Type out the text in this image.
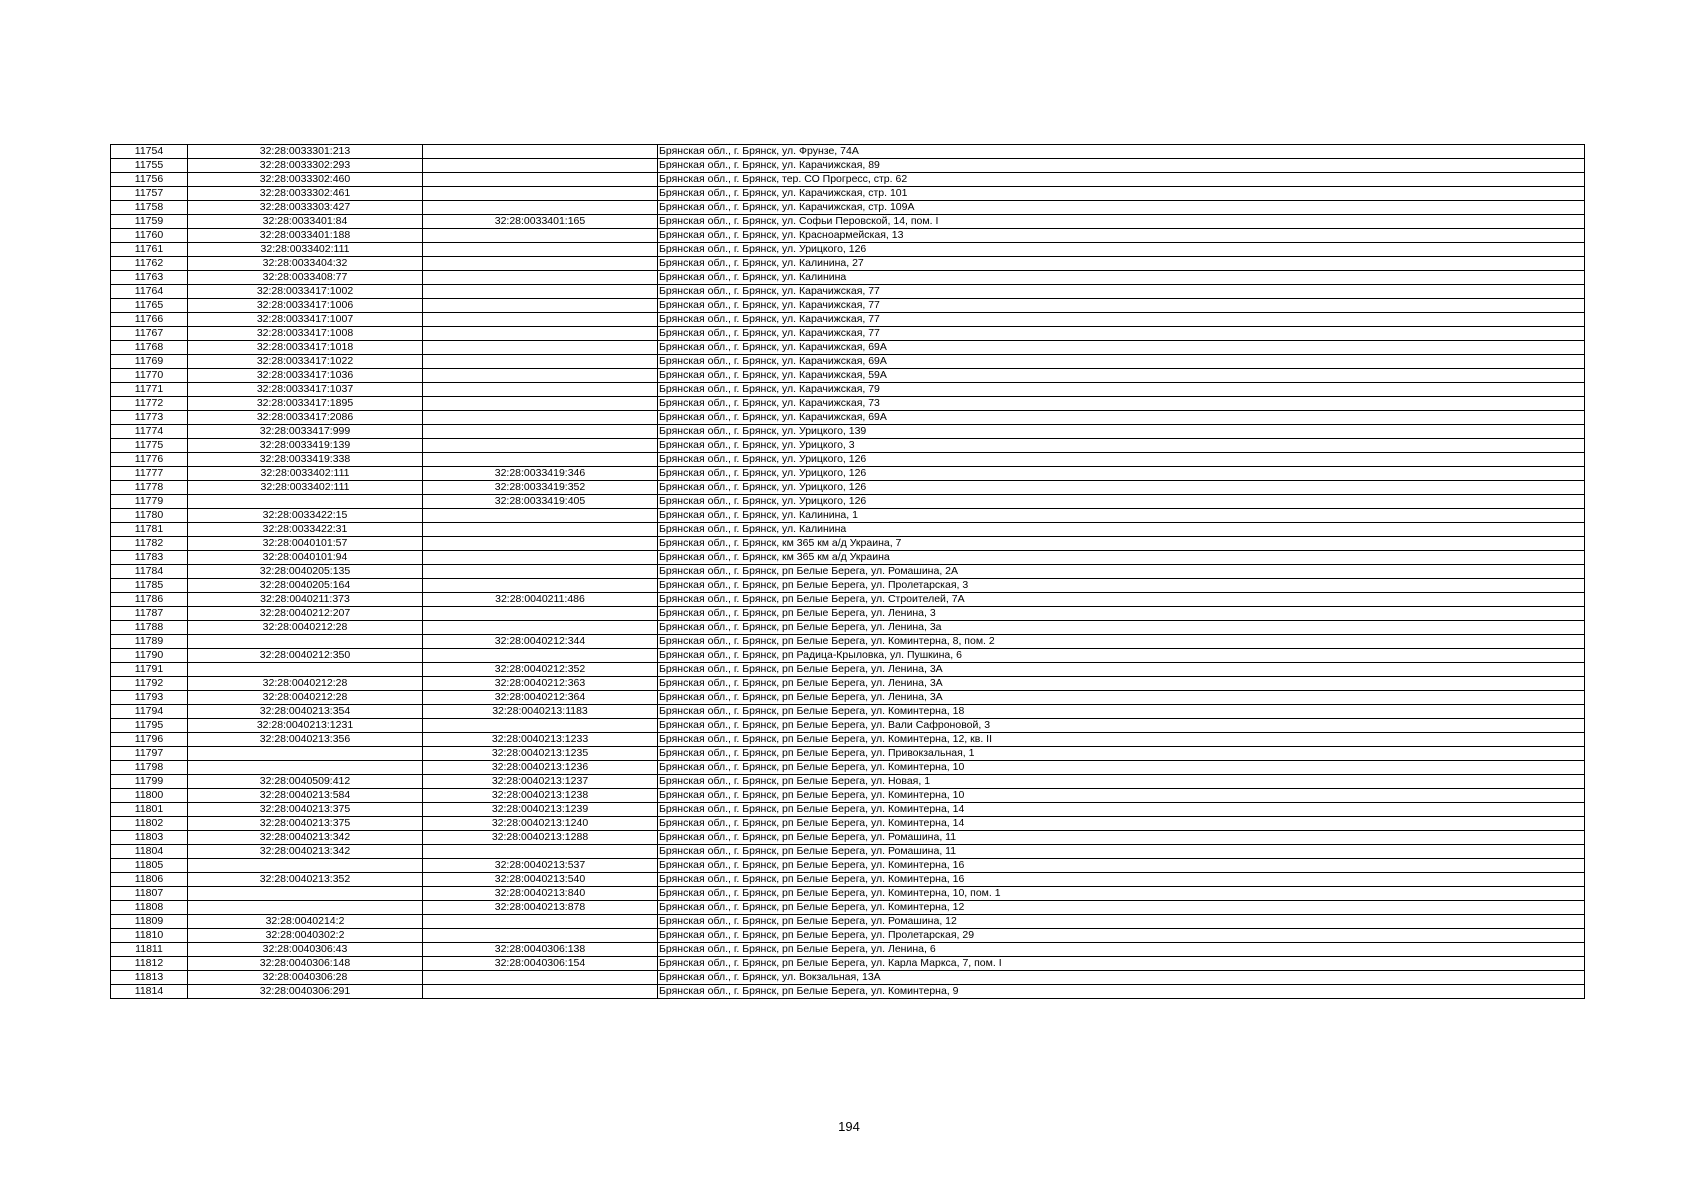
11754	32:28:0033301:213		Брянская обл., г. Брянск, ул. Фрунзе, 74А
11755	32:28:0033302:293		Брянская обл., г. Брянск, ул. Карачижская, 89
11756	32:28:0033302:460		Брянская обл., г. Брянск, тер. СО Прогресс, стр. 62
11757	32:28:0033302:461		Брянская обл., г. Брянск, ул. Карачижская, стр. 101
11758	32:28:0033303:427		Брянская обл., г. Брянск, ул. Карачижская, стр. 109А
11759	32:28:0033401:84	32:28:0033401:165	Брянская обл., г. Брянск, ул. Софьи Перовской, 14, пом. I
11760	32:28:0033401:188		Брянская обл., г. Брянск, ул. Красноармейская, 13
11761	32:28:0033402:111		Брянская обл., г. Брянск, ул. Урицкого, 126
11762	32:28:0033404:32		Брянская обл., г. Брянск, ул. Калинина, 27
11763	32:28:0033408:77		Брянская обл., г. Брянск, ул. Калинина
11764	32:28:0033417:1002		Брянская обл., г. Брянск, ул. Карачижская, 77
11765	32:28:0033417:1006		Брянская обл., г. Брянск, ул. Карачижская, 77
11766	32:28:0033417:1007		Брянская обл., г. Брянск, ул. Карачижская, 77
11767	32:28:0033417:1008		Брянская обл., г. Брянск, ул. Карачижская, 77
11768	32:28:0033417:1018		Брянская обл., г. Брянск, ул. Карачижская, 69А
11769	32:28:0033417:1022		Брянская обл., г. Брянск, ул. Карачижская, 69А
11770	32:28:0033417:1036		Брянская обл., г. Брянск, ул. Карачижская, 59А
11771	32:28:0033417:1037		Брянская обл., г. Брянск, ул. Карачижская, 79
11772	32:28:0033417:1895		Брянская обл., г. Брянск, ул. Карачижская, 73
11773	32:28:0033417:2086		Брянская обл., г. Брянск, ул. Карачижская, 69А
11774	32:28:0033417:999		Брянская обл., г. Брянск, ул. Урицкого, 139
11775	32:28:0033419:139		Брянская обл., г. Брянск, ул. Урицкого, 3
11776	32:28:0033419:338		Брянская обл., г. Брянск, ул. Урицкого, 126
11777	32:28:0033402:111	32:28:0033419:346	Брянская обл., г. Брянск, ул. Урицкого, 126
11778	32:28:0033402:111	32:28:0033419:352	Брянская обл., г. Брянск, ул. Урицкого, 126
11779		32:28:0033419:405	Брянская обл., г. Брянск, ул. Урицкого, 126
11780	32:28:0033422:15		Брянская обл., г. Брянск, ул. Калинина, 1
11781	32:28:0033422:31		Брянская обл., г. Брянск, ул. Калинина
11782	32:28:0040101:57		Брянская обл., г. Брянск, км 365 км а/д Украина, 7
11783	32:28:0040101:94		Брянская обл., г. Брянск, км 365 км а/д Украина
11784	32:28:0040205:135		Брянская обл., г. Брянск, рп Белые Берега, ул. Ромашина, 2А
11785	32:28:0040205:164		Брянская обл., г. Брянск, рп Белые Берега, ул. Пролетарская, 3
11786	32:28:0040211:373	32:28:0040211:486	Брянская обл., г. Брянск, рп Белые Берега, ул. Строителей, 7А
11787	32:28:0040212:207		Брянская обл., г. Брянск, рп Белые Берега, ул. Ленина, 3
11788	32:28:0040212:28		Брянская обл., г. Брянск, рп Белые Берега, ул. Ленина, 3а
11789		32:28:0040212:344	Брянская обл., г. Брянск, рп Белые Берега, ул. Коминтерна, 8, пом. 2
11790	32:28:0040212:350		Брянская обл., г. Брянск, рп Радица-Крыловка, ул. Пушкина, 6
11791		32:28:0040212:352	Брянская обл., г. Брянск, рп Белые Берега, ул. Ленина, 3А
11792	32:28:0040212:28	32:28:0040212:363	Брянская обл., г. Брянск, рп Белые Берега, ул. Ленина, 3А
11793	32:28:0040212:28	32:28:0040212:364	Брянская обл., г. Брянск, рп Белые Берега, ул. Ленина, 3А
11794	32:28:0040213:354	32:28:0040213:1183	Брянская обл., г. Брянск, рп Белые Берега, ул. Коминтерна, 18
11795	32:28:0040213:1231		Брянская обл., г. Брянск, рп Белые Берега, ул. Вали Сафроновой, 3
11796	32:28:0040213:356	32:28:0040213:1233	Брянская обл., г. Брянск, рп Белые Берега, ул. Коминтерна, 12, кв. II
11797		32:28:0040213:1235	Брянская обл., г. Брянск, рп Белые Берега, ул. Привокзальная, 1
11798		32:28:0040213:1236	Брянская обл., г. Брянск, рп Белые Берега, ул. Коминтерна, 10
11799	32:28:0040509:412	32:28:0040213:1237	Брянская обл., г. Брянск, рп Белые Берега, ул. Новая, 1
11800	32:28:0040213:584	32:28:0040213:1238	Брянская обл., г. Брянск, рп Белые Берега, ул. Коминтерна, 10
11801	32:28:0040213:375	32:28:0040213:1239	Брянская обл., г. Брянск, рп Белые Берега, ул. Коминтерна, 14
11802	32:28:0040213:375	32:28:0040213:1240	Брянская обл., г. Брянск, рп Белые Берега, ул. Коминтерна, 14
11803	32:28:0040213:342	32:28:0040213:1288	Брянская обл., г. Брянск, рп Белые Берега, ул. Ромашина, 11
11804	32:28:0040213:342		Брянская обл., г. Брянск, рп Белые Берега, ул. Ромашина, 11
11805		32:28:0040213:537	Брянская обл., г. Брянск, рп Белые Берега, ул. Коминтерна, 16
11806	32:28:0040213:352	32:28:0040213:540	Брянская обл., г. Брянск, рп Белые Берега, ул. Коминтерна, 16
11807		32:28:0040213:840	Брянская обл., г. Брянск, рп Белые Берега, ул. Коминтерна, 10, пом. 1
11808		32:28:0040213:878	Брянская обл., г. Брянск, рп Белые Берега, ул. Коминтерна, 12
11809	32:28:0040214:2		Брянская обл., г. Брянск, рп Белые Берега, ул. Ромашина, 12
11810	32:28:0040302:2		Брянская обл., г. Брянск, рп Белые Берега, ул. Пролетарская, 29
11811	32:28:0040306:43	32:28:0040306:138	Брянская обл., г. Брянск, рп Белые Берега, ул. Ленина, 6
11812	32:28:0040306:148	32:28:0040306:154	Брянская обл., г. Брянск, рп Белые Берега, ул. Карла Маркса, 7, пом. I
11813	32:28:0040306:28		Брянская обл., г. Брянск, ул. Вокзальная, 13А
11814	32:28:0040306:291		Брянская обл., г. Брянск, рп Белые Берега, ул. Коминтерна, 9
194
